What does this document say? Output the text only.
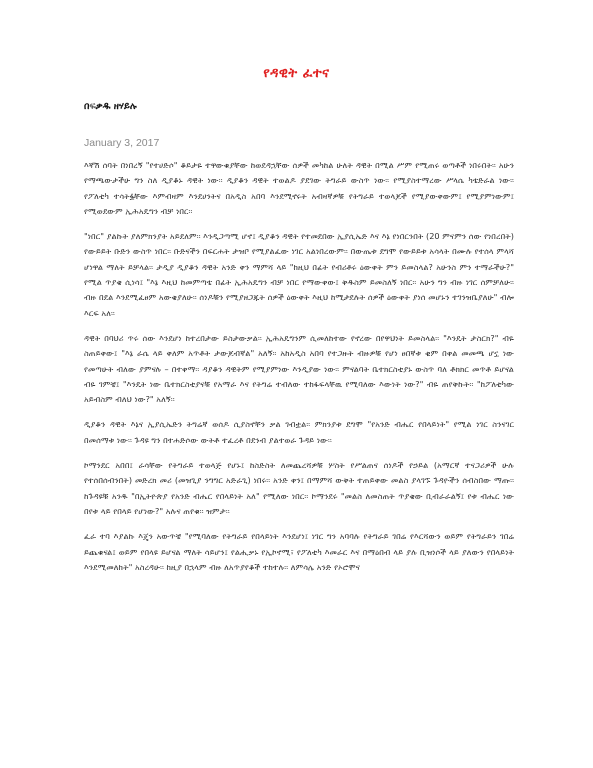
የዳዊት ፈተና
በፍቃዱ ዘሃይሉ
January 3, 2017

እኛሽ ሰባት በነበረኝ "የተሀድሶ" ቆይታዬ ተዋውቁያቸው ከወደዳኋቸው ሰዎች መካከል ሁለት ዳዊት በሚል ሥም የሚጠሩ ወጣቶች ነበሩበት፡፡ አሁን የማጫውታችሁ ግን ስለ ዲያቆኑ ዳዊት ነው፡፡ ዲያቆን ዳዊት ተወልዶ ያደገው ትግራይ ውስጥ ነው፡፡ የሚያስተማረው ሥላሴ ካቴድራል ነው፡፡ የፖለቲካ ተሳትፏቸው እምብዛም እንደሀንትና በአዲስ አበባ እንደሚኖሩት አብዛኛዎቹ የትግራይ ተወላጆች የሚያውቀውም፤ የሚያምነውም፤ የሚወደውም ኢሕአዴግን ብቻ ነበር፡፡

"ነበር" ያልኩት ያለምክንያት አይደለም፡፡ እንዲጋጣሚ ሆኖ፤ ዲያቆን ዳዊት የተመደበው ኢያሲኤድ እና እኔ የነበርንበት (20 ምናምን ሰው የነበረበት) የውይይት ቡድን ውስጥ ነበር፡፡ ቡድናችን በፍርሐት ታዝቦ የሚያልፈው ነገር አልነበረውም፡፡ በውጤቱ ደግሞ የውይይቱ አሳላት በሙሉ የተሰላ ምላሻ ሆነዋል ማለት ይቻላል፡፡ ታዲያ ዲያቆን ዳዊት አንድ ቀን ማምሻ ላይ "ከዚህ በፊት የብሪቶሩ ዕውቀት ምን ይመስላል? አሁንስ ምን ተማራችሁ?" የሚል ጥያቄ ሲነሳ፤ "እኔ እዚህ ከመምጣቴ በፊት ኢሕአዴግን ብቻ ነበር የማውቀው፤ ቅዱስም ይመስለኝ ነበር፡፡ አሁን ግን ብዙ ነገር ሰምቻለሁ፡፡ ብዙ በደል እንደሚፈፀም አውቄያለሁ፡፡ ሰነዶቹን የሚያዘጋጁት ሰዎች ዕውቀት እዚህ ከሚታደሉት ሰዎች ዕውቀት ያነሰ መሆኑን ተገንዝቤያለሁ" ብሎ እርፍ አለ፡፡

ዳዊት በባህሪ ጥሩ ሰው እንደሆነ ከተረበታው ይስታውቃል፡፡ ኢሕአዴግንም ሲመለከተው የኖረው በየዋህነት ይመስላል፡፡ "እንዴት ታስርክ?" ብዬ ስጠይቀው፤ "እኔ ራሴ ላይ ቀለም አጥቶት ታውጆብኛል" አለኝ፡፡ አከአዲስ አበባ የተጋዙት ብዙዎቹ የሆነ ፀበኛቱ ቂም በቀል መመጫ ሆኗ ነው የመጣሁት ብለው ያምናሉ – በተቀማ፡፡ ዳያቆን ዳዊትም የሚያምነው እንዲያው ነው፡፡ ምናልባት ቤተክርስቲያኑ ውስጥ ባለ ቶክክር መጥቶ ይሆናል ብዬ ገምቼ፤ "እንዴት ነው ቤተክርስቲያናቹ የአማራ እና የትግሬ ተብለው ተከፋፍላቸዉ የሚባለው እውነት ነው?" ብዬ ጠየቅኩት፡፡ "ከፖለቲካው አይብስም ብለህ ነው?" አለኝ፡፡

ዲያቆን ዳዊት እኔና ኢያሲኤድን ትግሬኛ ወሰዶ ሲያስኖቸን ቃል ገብቷል፡፡ ምክንያቱ ደግሞ "የአንድ ብሔር የበላይነት" የሚል ነገር ስንናገር በመሰማቱ ነው፡፡ ጉዳዩ ግን በተሐድሶው ውትቶ ተፈረቶ በደንብ ያልተወራ ጉዳይ ነው፡፡

ኮማንደር አበበ፤ ራሳቸው የትግራይ ተወላጅ የሆኑ፤ ከስድስት ለመጨረሻዎቹ ሦስት የሥልጠና ሰነዶች የኃይል (አማርኛ ተናጋሪዎች ሁሉ የተሰበሰብንበት) መድረክ መሪ (መዝጊያ ንግግር አድራጊ) ነበሩ፡፡ አንድ ቀን፤ በማምሻ ውቅት ተጠይቀው መልስ ያላገኙ ጉዳዮችን ሰብስበው ማጡ፡፡ ከጉዳዩቹ አንዱ "በኢትዮጵያ የአንድ ብሔር የበላይነት አለ" የሚለው ነበር፡፡ ኮማንደሩ "መልስ ለመስጠት ጥያቄው ቢብራራልኝ፤ የቱ ብሔር ነው በየቱ ላይ የበላይ የሆነው?" አሉና ጠየቁ፡፡ ዝምታ፡፡

ፈራ ተባ እያልኩ እጄን አውጥቼ "የሚባለው የትግራይ የበላይነት እንደሆነ፤ ነገር ግን አባባሉ የትግራይ ገበሬ የእርሻውን ወይም የትግራይን ገበሬ ይጨቁናል፤ ወይም የበላዩ ይሆናል ማለት ሳይሆን፤ የልሒቃኑ የኢኮኖሚ፣ የፖለቲካ እመራር እና በማዕበብ ላይ ያሉ ቢዝነሶች ላይ ያለውን የበላይነት እንደሚመለከት" አስረዳሁ፡፡ ከዚያ በኋላም ብዙ ለአጥያየቆች ተከተሉ፡፡ ለምሳሌ አንድ የኦሮሞና
